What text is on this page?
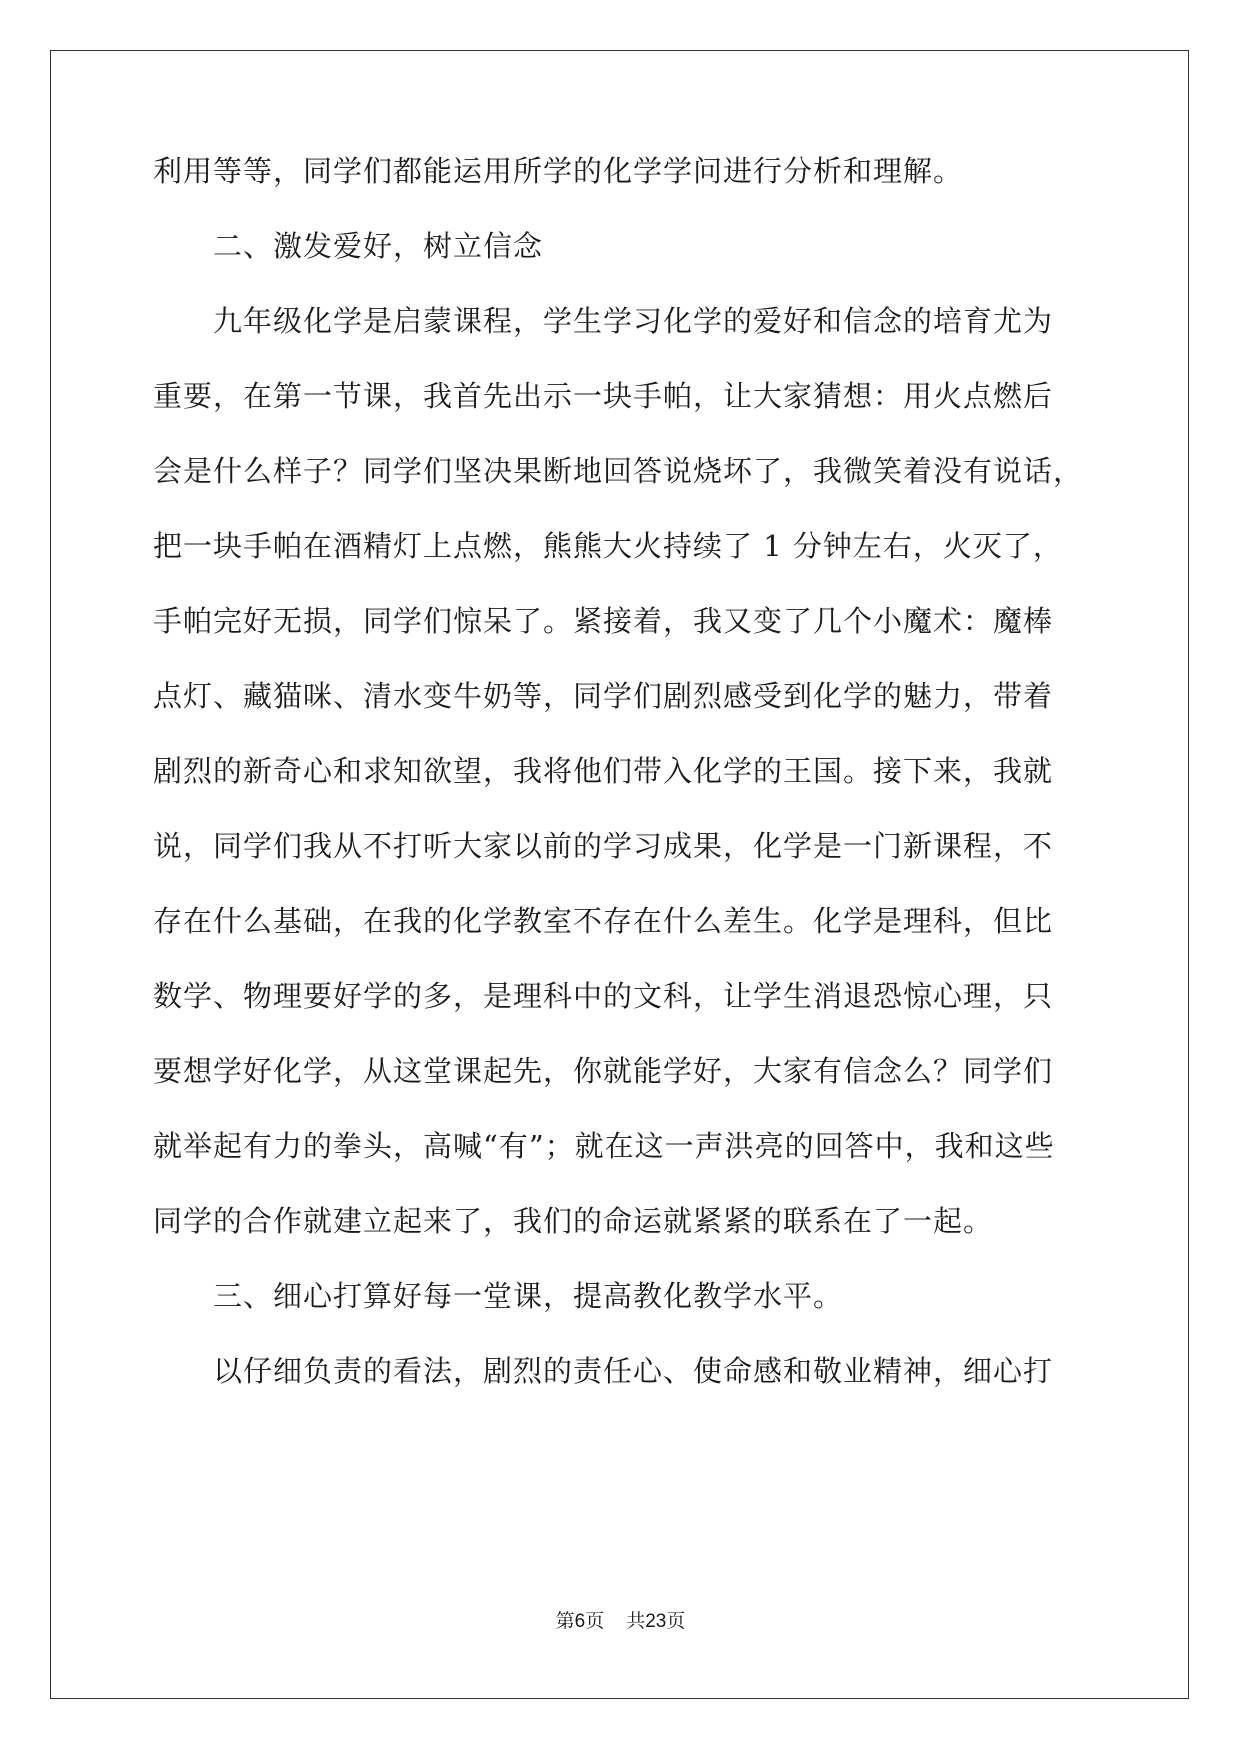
利用等等，同学们都能运用所学的化学学问进行分析和理解。
　　二、激发爱好，树立信念
　　九年级化学是启蒙课程，学生学习化学的爱好和信念的培育尤为
重要，在第一节课，我首先出示一块手帕，让大家猜想：用火点燃后
会是什么样子？同学们坚决果断地回答说烧坏了，我微笑着没有说话，
把一块手帕在酒精灯上点燃，熊熊大火持续了 1 分钟左右，火灭了，
手帕完好无损，同学们惊呆了。紧接着，我又变了几个小魔术：魔棒
点灯、藏猫咪、清水变牛奶等，同学们剧烈感受到化学的魅力，带着
剧烈的新奇心和求知欲望，我将他们带入化学的王国。接下来，我就
说，同学们我从不打听大家以前的学习成果，化学是一门新课程，不
存在什么基础，在我的化学教室不存在什么差生。化学是理科，但比
数学、物理要好学的多，是理科中的文科，让学生消退恐惊心理，只
要想学好化学，从这堂课起先，你就能学好，大家有信念么？同学们
就举起有力的拳头，高喊“有”；就在这一声洪亮的回答中，我和这些
同学的合作就建立起来了，我们的命运就紧紧的联系在了一起。
　　三、细心打算好每一堂课，提高教化教学水平。
　　以仔细负责的看法，剧烈的责任心、使命感和敬业精神，细心打
第6页 共23页
